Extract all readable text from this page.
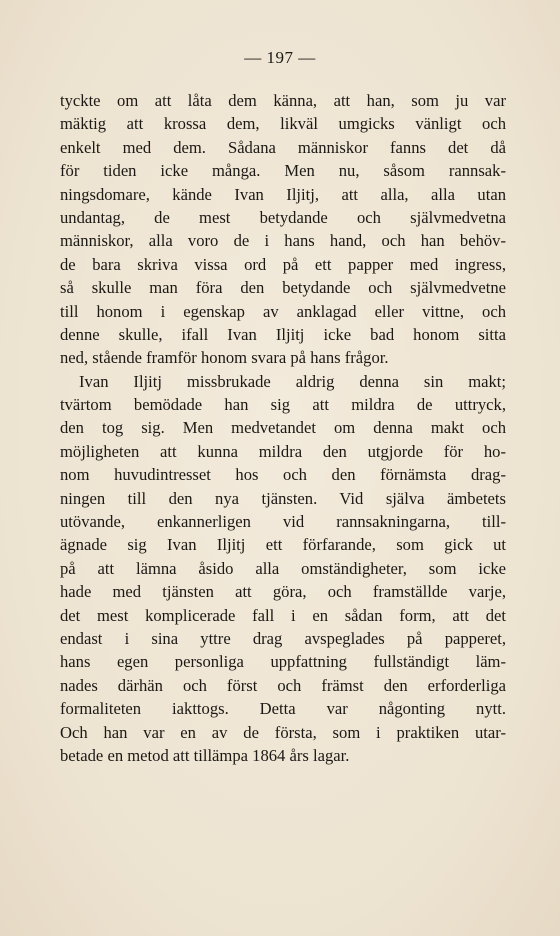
— 197 —
tyckte om att låta dem känna, att han, som ju var
mäktig att krossa dem, likväl umgicks vänligt och
enkelt med dem. Sådana människor fanns det då
för tiden icke många. Men nu, såsom rannsak-
ningsdomare, kände Ivan Iljitj, att alla, alla utan
undantag, de mest betydande och självmedvetna
människor, alla voro de i hans hand, och han behöv-
de bara skriva vissa ord på ett papper med ingress,
så skulle man föra den betydande och självmedvetne
till honom i egenskap av anklagad eller vittne, och
denne skulle, ifall Ivan Iljitj icke bad honom sitta
ned, stående framför honom svara på hans frågor.
Ivan Iljitj missbrukade aldrig denna sin makt;
tvärtom bemödade han sig att mildra de uttryck,
den tog sig. Men medvetandet om denna makt och
möjligheten att kunna mildra den utgjorde för ho-
nom huvudintresset hos och den förnämsta drag-
ningen till den nya tjänsten. Vid själva ämbetets
utövande, enkannerligen vid rannsakningarna, till-
ägnade sig Ivan Iljitj ett förfarande, som gick ut
på att lämna åsido alla omständigheter, som icke
hade med tjänsten att göra, och framställde varje,
det mest komplicerade fall i en sådan form, att det
endast i sina yttre drag avspeglades på papperet,
hans egen personliga uppfattning fullständigt läm-
nades därhän och först och främst den erforderliga
formaliteten iakttogs. Detta var någonting nytt.
Och han var en av de första, som i praktiken utar-
betade en metod att tillämpa 1864 års lagar.
